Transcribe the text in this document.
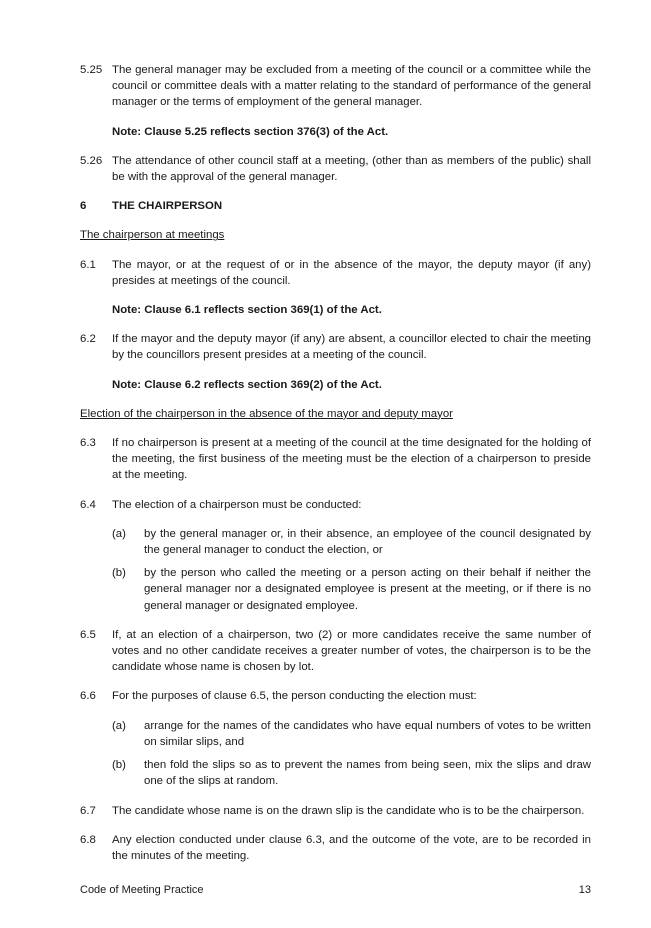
5.25 The general manager may be excluded from a meeting of the council or a committee while the council or committee deals with a matter relating to the standard of performance of the general manager or the terms of employment of the general manager.
Note: Clause 5.25 reflects section 376(3) of the Act.
5.26 The attendance of other council staff at a meeting, (other than as members of the public) shall be with the approval of the general manager.
6	THE CHAIRPERSON
The chairperson at meetings
6.1	The mayor, or at the request of or in the absence of the mayor, the deputy mayor (if any) presides at meetings of the council.
Note: Clause 6.1 reflects section 369(1) of the Act.
6.2	If the mayor and the deputy mayor (if any) are absent, a councillor elected to chair the meeting by the councillors present presides at a meeting of the council.
Note: Clause 6.2 reflects section 369(2) of the Act.
Election of the chairperson in the absence of the mayor and deputy mayor
6.3	If no chairperson is present at a meeting of the council at the time designated for the holding of the meeting, the first business of the meeting must be the election of a chairperson to preside at the meeting.
6.4	The election of a chairperson must be conducted:
(a)	by the general manager or, in their absence, an employee of the council designated by the general manager to conduct the election, or
(b)	by the person who called the meeting or a person acting on their behalf if neither the general manager nor a designated employee is present at the meeting, or if there is no general manager or designated employee.
6.5	If, at an election of a chairperson, two (2) or more candidates receive the same number of votes and no other candidate receives a greater number of votes, the chairperson is to be the candidate whose name is chosen by lot.
6.6	For the purposes of clause 6.5, the person conducting the election must:
(a)	arrange for the names of the candidates who have equal numbers of votes to be written on similar slips, and
(b)	then fold the slips so as to prevent the names from being seen, mix the slips and draw one of the slips at random.
6.7	The candidate whose name is on the drawn slip is the candidate who is to be the chairperson.
6.8	Any election conducted under clause 6.3, and the outcome of the vote, are to be recorded in the minutes of the meeting.
Code of Meeting Practice	13
